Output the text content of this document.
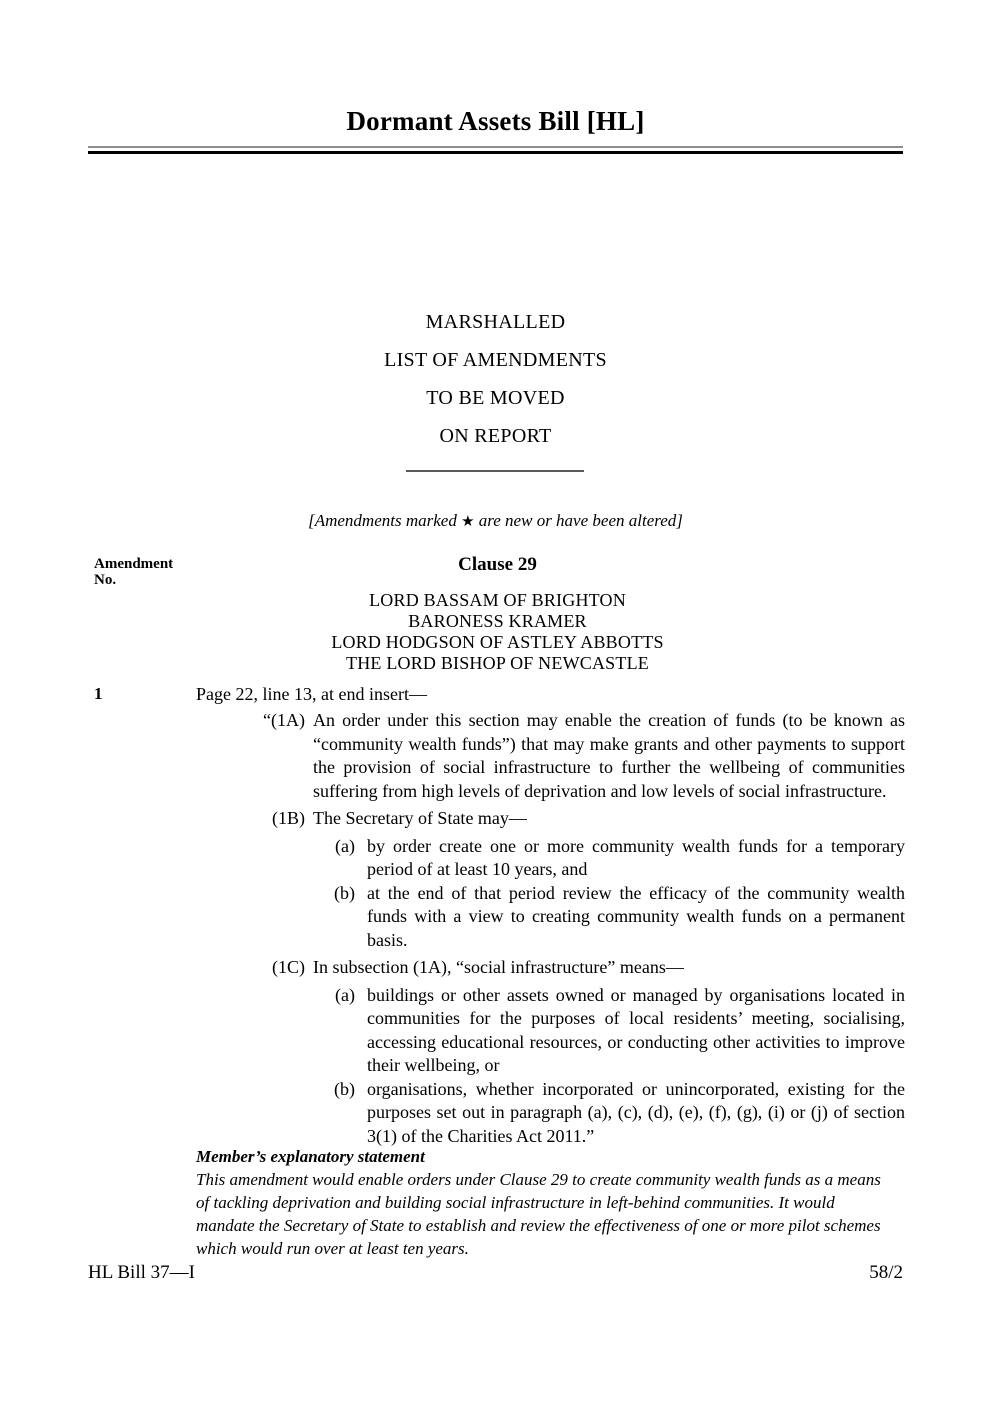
Dormant Assets Bill [HL]
MARSHALLED
LIST OF AMENDMENTS
TO BE MOVED
ON REPORT
[Amendments marked ★ are new or have been altered]
Amendment
No.
Clause 29
LORD BASSAM OF BRIGHTON
BARONESS KRAMER
LORD HODGSON OF ASTLEY ABBOTTS
THE LORD BISHOP OF NEWCASTLE
1	Page 22, line 13, at end insert—
“(1A) An order under this section may enable the creation of funds (to be known as “community wealth funds”) that may make grants and other payments to support the provision of social infrastructure to further the wellbeing of communities suffering from high levels of deprivation and low levels of social infrastructure.
(1B) The Secretary of State may—
(a) by order create one or more community wealth funds for a temporary period of at least 10 years, and
(b) at the end of that period review the efficacy of the community wealth funds with a view to creating community wealth funds on a permanent basis.
(1C) In subsection (1A), “social infrastructure” means—
(a) buildings or other assets owned or managed by organisations located in communities for the purposes of local residents’ meeting, socialising, accessing educational resources, or conducting other activities to improve their wellbeing, or
(b) organisations, whether incorporated or unincorporated, existing for the purposes set out in paragraph (a), (c), (d), (e), (f), (g), (i) or (j) of section 3(1) of the Charities Act 2011.”
Member’s explanatory statement
This amendment would enable orders under Clause 29 to create community wealth funds as a means of tackling deprivation and building social infrastructure in left-behind communities. It would mandate the Secretary of State to establish and review the effectiveness of one or more pilot schemes which would run over at least ten years.
HL Bill 37—I	58/2
